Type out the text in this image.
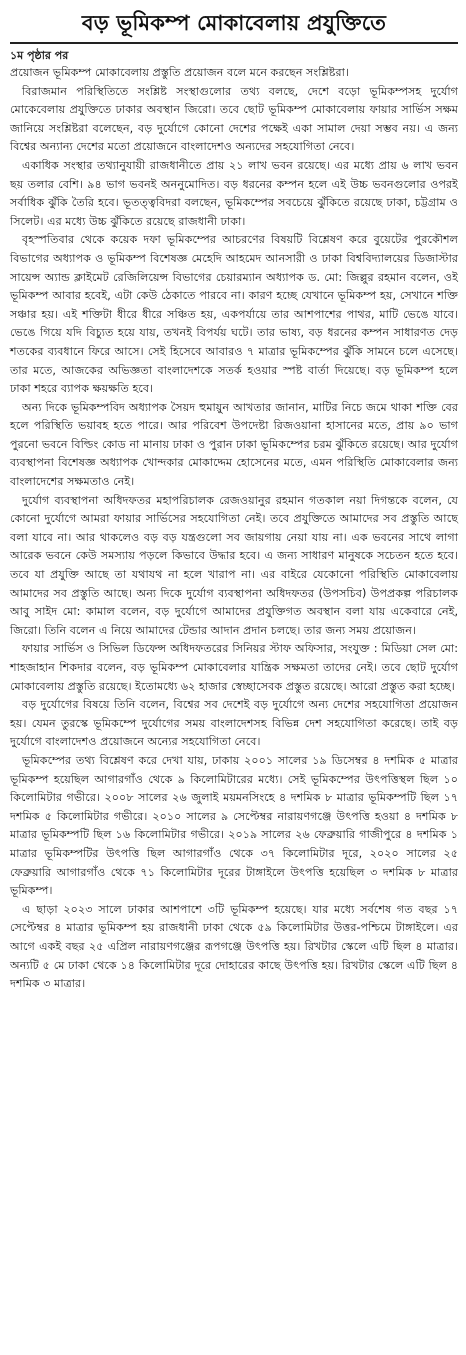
বড় ভূমিকম্প মোকাবেলায় প্রযুক্তিতে
১ম পৃষ্ঠার পর

প্রয়োজন ভূমিকম্প মোকাবেলায় প্রস্তুতি প্রয়োজন বলে মনে করছেন সংশ্লিষ্টরা।

বিরাজমান পরিস্থিতিতে সংশ্লিষ্ট সংস্থাগুলোর তথ্য বলছে, দেশে বড়ো ভূমিকম্পসহ দুর্যোগ মোকেবেলায় প্রযুক্তিতে ঢাকার অবস্থান জিরো। তবে ছোট ভূমিকম্প মোকাবেলায় ফায়ার সার্ভিস সক্ষম জানিয়ে সংশ্লিষ্টরা বলেছেন, বড় দুর্যোগে কোনো দেশের পক্ষেই একা সামাল দেয়া সম্ভব নয়। এ জন্য বিশ্বের অন্যান্য দেশের মতো প্রয়োজনে বাংলাদেশও অন্যদের সহযোগিতা নেবে।

একাধিক সংস্থার তথ্যানুযায়ী রাজধানীতে প্রায় ২১ লাখ ভবন রয়েছে। এর মধ্যে প্রায় ৬ লাখ ভবন ছয় তলার বেশি। ৯৪ ভাগ ভবনই অননুমোদিত। বড় ধরনের কম্পন হলে এই উচ্চ ভবনগুলোর ওপরই সর্বাধিক ঝুঁকি তৈরি হবে। ভূতত্ত্ববিদরা বলছেন, ভূমিকম্পের সবচেয়ে ঝুঁকিতে রয়েছে ঢাকা, চট্টগ্রাম ও সিলেট। এর মধ্যে উচ্চ ঝুঁকিতে রয়েছে রাজধানী ঢাকা।

বৃহস্পতিবার থেকে কয়েক দফা ভূমিকম্পের আচরণের বিষয়টি বিশ্লেষণ করে বুয়েটের পুরকৌশল বিভাগের অধ্যাপক ও ভূমিকম্প বিশেষজ্ঞ মেহেদি আহমেদ আনসারী ও ঢাকা বিশ্ববিদ্যালয়ের ডিজাস্টার সায়েন্স অ্যান্ড ক্লাইমেট রেজিলিয়েন্স বিভাগের চেয়ারম্যান অধ্যাপক ড. মো: জিল্লুর রহমান বলেন, ওই ভূমিকম্প আবার হবেই, এটা কেউ ঠেকাতে পারবে না। কারণ হচ্ছে যেখানে ভূমিকম্প হয়, সেখানে শক্তি সঞ্চার হয়। এই শক্তিটা ধীরে ধীরে সঞ্চিত হয়, একপর্যায়ে তার আশপাশের পাথর, মাটি ভেঙে যাবে। ভেঙে গিয়ে যদি বিচ্যুত হয়ে যায়, তখনই বিপর্যয় ঘটে। তার ভাষ্য, বড় ধরনের কম্পন সাধারণত দেড় শতকের ব্যবধানে ফিরে আসে। সেই হিসেবে আবারও ৭ মাত্রার ভূমিকম্পের ঝুঁকি সামনে চলে এসেছে। তার মতে, আজকের অভিজ্ঞতা বাংলাদেশকে সতর্ক হওয়ার স্পষ্ট বার্তা দিয়েছে। বড় ভূমিকম্প হলে ঢাকা শহরে ব্যাপক ক্ষয়ক্ষতি হবে।

অন্য দিকে ভূমিকম্পবিদ অধ্যাপক সৈয়দ হুমায়ুন আখতার জানান, মাটির নিচে জমে থাকা শক্তি বের হলে পরিস্থিতি ভয়াবহ হতে পারে। আর পরিবেশ উপদেষ্টা রিজওয়ানা হাসানের মতে, প্রায় ৯০ ভাগ পুরনো ভবনে বিল্ডিং কোড না মানায় ঢাকা ও পুরান ঢাকা ভূমিকম্পের চরম ঝুঁকিতে রয়েছে। আর দুর্যোগ ব্যবস্থাপনা বিশেষজ্ঞ অধ্যাপক খোন্দকার মোকাদ্দেম হোসেনের মতে, এমন পরিস্থিতি মোকাবেলার জন্য বাংলাদেশের সক্ষমতাও নেই।

দুর্যোগ ব্যবস্থাপনা অধিদফতর মহাপরিচালক রেজওয়ানুর রহমান গতকাল নয়া দিগন্তকে বলেন, যে কোনো দুর্যোগে আমরা ফায়ার সার্ভিসের সহযোগিতা নেই। তবে প্রযুক্তিতে আমাদের সব প্রস্তুতি আছে বলা যাবে না। আর থাকলেও বড় বড় যন্ত্রগুলো সব জায়গায় নেয়া যায় না। এক ভবনের সাথে লাগা আরেক ভবনে কেউ সমস্যায় পড়লে কিভাবে উদ্ধার হবে। এ জন্য সাধারণ মানুষকে সচেতন হতে হবে। তবে যা প্রযুক্তি আছে তা যথাযথ না হলে খারাপ না। এর বাইরে যেকোনো পরিস্থিতি মোকাবেলায় আমাদের সব প্রস্তুতি আছে। অন্য দিকে দুর্যোগ ব্যবস্থাপনা অধিদফতর (উপসচিব) উপপ্রকল্প পরিচালক আবু সাইদ মো: কামাল বলেন, বড় দুর্যোগে আমাদের প্রযুক্তিগত অবস্থান বলা যায় একেবারে নেই, জিরো। তিনি বলেন এ নিয়ে আমাদের টেন্ডার আদান প্রদান চলছে। তার জন্য সময় প্রয়োজন।

ফায়ার সার্ভিস ও সিভিল ডিফেন্স অধিদফতরের সিনিয়র স্টাফ অফিসার, সংযুক্ত : মিডিয়া সেল মো: শাহজাহান শিকদার বলেন, বড় ভূমিকম্প মোকাবেলার যান্ত্রিক সক্ষমতা তাদের নেই। তবে ছোট দুর্যোগ মোকাবেলায় প্রস্তুতি রয়েছে। ইতোমধ্যে ৬২ হাজার স্বেচ্ছাসেবক প্রস্তুত রয়েছে। আরো প্রস্তুত করা হচ্ছে।

বড় দুর্যোগের বিষয়ে তিনি বলেন, বিশ্বের সব দেশেই বড় দুর্যোগে অন্য দেশের সহযোগিতা প্রয়োজন হয়। যেমন তুরস্কে ভূমিকম্পে দুর্যোগের সময় বাংলাদেশসহ বিভিন্ন দেশ সহযোগিতা করেছে। তাই বড় দুর্যোগে বাংলাদেশও প্রয়োজনে অন্যের সহযোগিতা নেবে।

ভূমিকম্পের তথ্য বিশ্লেষণ করে দেখা যায়, ঢাকায় ২০০১ সালের ১৯ ডিসেম্বর ৪ দশমিক ৫ মাত্রার ভূমিকম্প হয়েছিল আগারগাঁও থেকে ৯ কিলোমিটারের মধ্যে। সেই ভূমিকম্পের উৎপত্তিস্থল ছিল ১০ কিলোমিটার গভীরে। ২০০৮ সালের ২৬ জুলাই ময়মনসিংহে ৪ দশমিক ৮ মাত্রার ভূমিকম্পটি ছিল ১৭ দশমিক ৫ কিলোমিটার গভীরে। ২০১০ সালের ৯ সেপ্টেম্বর নারায়ণগঞ্জে উৎপত্তি হওয়া ৪ দশমিক ৮ মাত্রার ভূমিকম্পটি ছিল ১৬ কিলোমিটার গভীরে। ২০১৯ সালের ২৬ ফেব্রুয়ারি গাজীপুরে ৪ দশমিক ১ মাত্রার ভূমিকম্পটির উৎপত্তি ছিল আগারগাঁও থেকে ৩৭ কিলোমিটার দূরে, ২০২০ সালের ২৫ ফেব্রুয়ারি আগারগাঁও থেকে ৭১ কিলোমিটার দূরের টাঙ্গাইলে উৎপত্তি হয়েছিল ৩ দশমিক ৮ মাত্রার ভূমিকম্প।

এ ছাড়া ২০২৩ সালে ঢাকার আশপাশে ৩টি ভূমিকম্প হয়েছে। যার মধ্যে সর্বশেষ গত বছর ১৭ সেপ্টেম্বর ৪ মাত্রার ভূমিকম্প হয় রাজধানী ঢাকা থেকে ৫৯ কিলোমিটার উত্তর-পশ্চিমে টাঙ্গাইলে। এর আগে একই বছর ২৫ এপ্রিল নারায়ণগঞ্জের রূপগঞ্জে উৎপত্তি হয়। রিখটার স্কেলে এটি ছিল ৪ মাত্রার। অন্যটি ৫ মে ঢাকা থেকে ১৪ কিলোমিটার দূরে দোহারের কাছে উৎপত্তি হয়। রিখটার স্কেলে এটি ছিল ৪ দশমিক ৩ মাত্রার।
